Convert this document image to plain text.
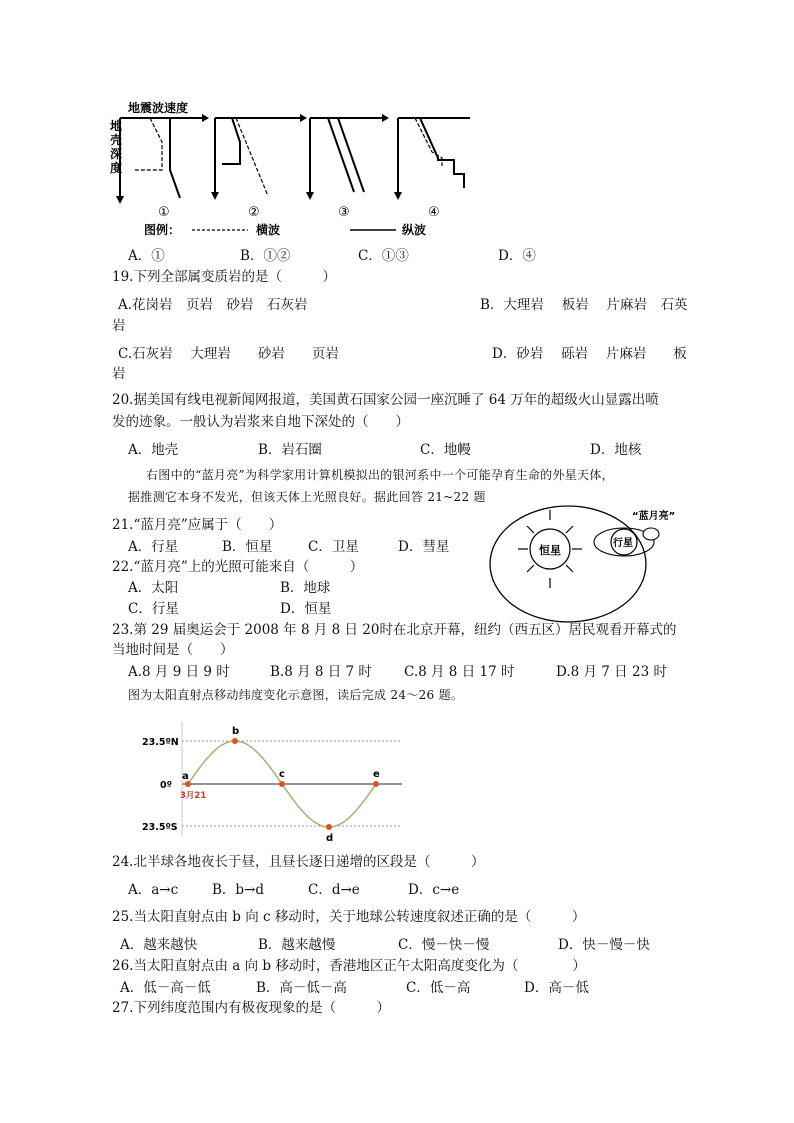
地震波速度
地
壳
深
度
①	②	③	④
图例：	横波	纵波
A．①	B．①②	C．①③	D．④
19.下列全部属变质岩的是（　　　）
A.花岗岩　页岩　砂岩　石灰岩	B．大理岩　 板岩　 片麻岩　石英
岩
C.石灰岩　 大理岩　　砂岩　　页岩	D．砂岩　 砾岩　 片麻岩　　板
岩
20.据美国有线电视新闻网报道，美国黄石国家公园一座沉睡了 64 万年的超级火山显露出喷
发的迹象。一般认为岩浆来自地下深处的（　　）
A．地壳	B．岩石圈	C．地幔	D．地核
右图中的“蓝月亮”为科学家用计算机模拟出的银河系中一个可能孕育生命的外星天体，
据推测它本身不发光，但该天体上光照良好。据此回答 21~22 题
21.“蓝月亮”应属于（　　）
A．行星	B．恒星	C．卫星	D．彗星
22.“蓝月亮”上的光照可能来自（　　　）
A．太阳	B．地球
C．行星	D．恒星
恒星
行星
“蓝月亮”
23.第 29 届奥运会于 2008 年 8 月 8 日 20时在北京开幕，纽约（西五区）居民观看开幕式的
当地时间是（　　）
A.8 月 9 日 9 时	B.8 月 8 日 7 时 C.8 月 8 日 17 时	D.8 月 7 日 23 时
图为太阳直射点移动纬度变化示意图，读后完成 24～26 题。
23.5ºN
0º
23.5ºS
a
b
c
d
e
3月21
24.北半球各地夜长于昼，且昼长逐日递增的区段是（　　　）
A．a→c	B．b→d	C．d→e	D．c→e
25.当太阳直射点由 b 向 c 移动时，关于地球公转速度叙述正确的是（　　　）
A．越来越快	B．越来越慢	C．慢－快－慢	D．快－慢－快
26.当太阳直射点由 a 向 b 移动时，香港地区正午太阳高度变化为（　　　　）
A．低－高－低	B．高－低－高	C．低－高	D．高－低
27.下列纬度范围内有极夜现象的是（　　　）
